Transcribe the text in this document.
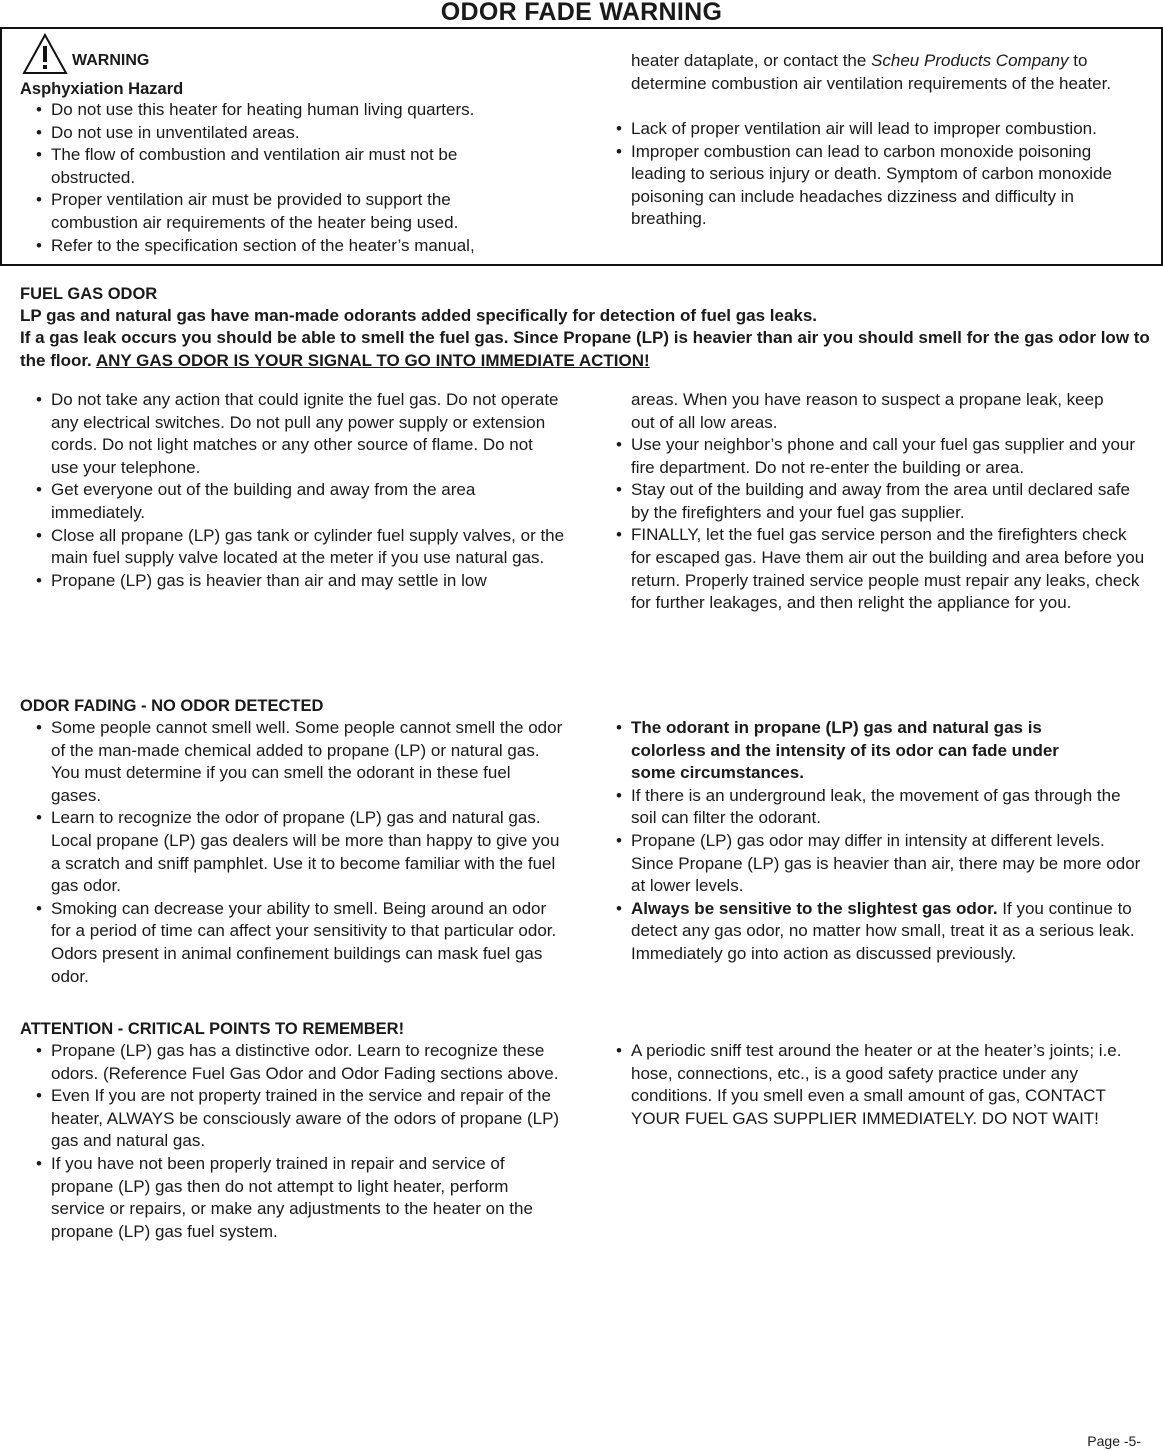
ODOR FADE WARNING
WARNING
Asphyxiation Hazard
• Do not use this heater for heating human living quarters.
• Do not use in unventilated areas.
• The flow of combustion and ventilation air must not be obstructed.
• Proper ventilation air must be provided to support the combustion air requirements of the heater being used.
• Refer to the specification section of the heater’s manual,
heater dataplate, or contact the Scheu Products Company to determine combustion air ventilation requirements of the heater.
• Lack of proper ventilation air will lead to improper combustion.
• Improper combustion can lead to carbon monoxide poisoning leading to serious injury or death. Symptom of carbon monoxide poisoning can include headaches dizziness and difficulty in breathing.
FUEL GAS ODOR
LP gas and natural gas have man-made odorants added specifically for detection of fuel gas leaks.
If a gas leak occurs you should be able to smell the fuel gas. Since Propane (LP) is heavier than air you should smell for the gas odor low to the floor. ANY GAS ODOR IS YOUR SIGNAL TO GO INTO IMMEDIATE ACTION!
• Do not take any action that could ignite the fuel gas. Do not operate any electrical switches. Do not pull any power supply or extension cords. Do not light matches or any other source of flame. Do not use your telephone.
• Get everyone out of the building and away from the area immediately.
• Close all propane (LP) gas tank or cylinder fuel supply valves, or the main fuel supply valve located at the meter if you use natural gas.
• Propane (LP) gas is heavier than air and may settle in low
areas. When you have reason to suspect a propane leak, keep out of all low areas.
• Use your neighbor’s phone and call your fuel gas supplier and your fire department. Do not re-enter the building or area.
• Stay out of the building and away from the area until declared safe by the firefighters and your fuel gas supplier.
• FINALLY, let the fuel gas service person and the firefighters check for escaped gas. Have them air out the building and area before you return. Properly trained service people must repair any leaks, check for further leakages, and then relight the appliance for you.
ODOR FADING - NO ODOR DETECTED
• Some people cannot smell well. Some people cannot smell the odor of the man-made chemical added to propane (LP) or natural gas. You must determine if you can smell the odorant in these fuel gases.
• Learn to recognize the odor of propane (LP) gas and natural gas. Local propane (LP) gas dealers will be more than happy to give you a scratch and sniff pamphlet. Use it to become familiar with the fuel gas odor.
• Smoking can decrease your ability to smell. Being around an odor for a period of time can affect your sensitivity to that particular odor. Odors present in animal confinement buildings can mask fuel gas odor.
• The odorant in propane (LP) gas and natural gas is colorless and the intensity of its odor can fade under some circumstances.
• If there is an underground leak, the movement of gas through the soil can filter the odorant.
• Propane (LP) gas odor may differ in intensity at different levels. Since Propane (LP) gas is heavier than air, there may be more odor at lower levels.
• Always be sensitive to the slightest gas odor. If you continue to detect any gas odor, no matter how small, treat it as a serious leak. Immediately go into action as discussed previously.
ATTENTION - CRITICAL POINTS TO REMEMBER!
• Propane (LP) gas has a distinctive odor. Learn to recognize these odors. (Reference Fuel Gas Odor and Odor Fading sections above.
• Even If you are not property trained in the service and repair of the heater, ALWAYS be consciously aware of the odors of propane (LP) gas and natural gas.
• If you have not been properly trained in repair and service of propane (LP) gas then do not attempt to light heater, perform service or repairs, or make any adjustments to the heater on the propane (LP) gas fuel system.
• A periodic sniff test around the heater or at the heater’s joints; i.e. hose, connections, etc., is a good safety practice under any conditions. If you smell even a small amount of gas, CONTACT YOUR FUEL GAS SUPPLIER IMMEDIATELY. DO NOT WAIT!
Page -5-
